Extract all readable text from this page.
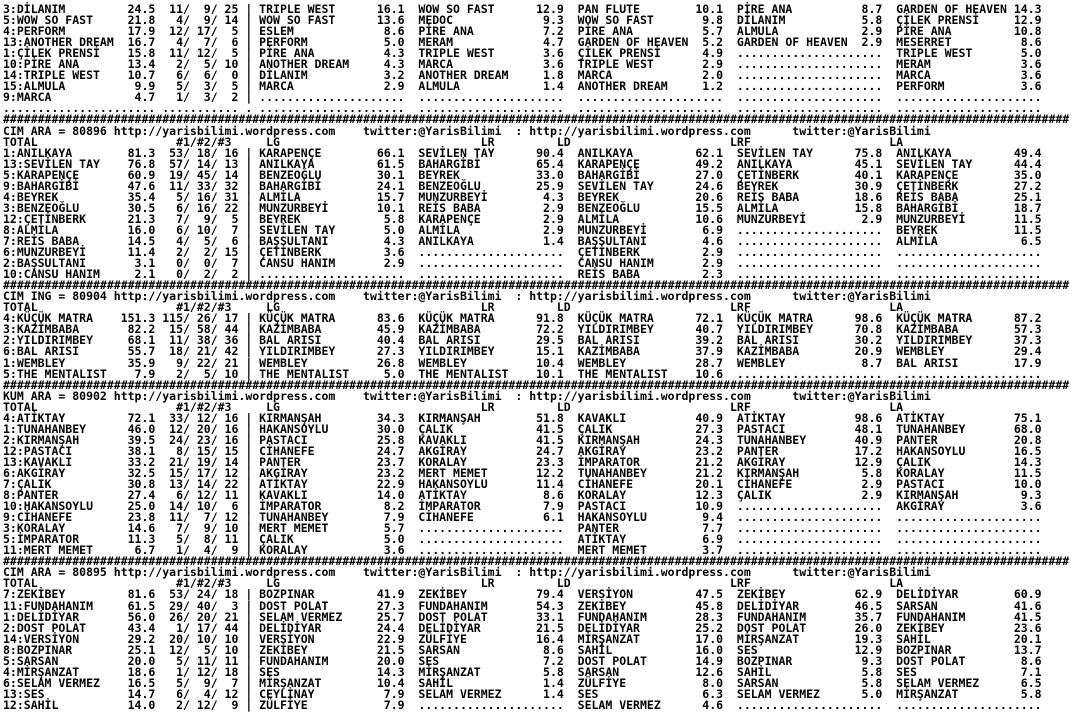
3:DİLANIM         24.5  11/  9/ 25 | TRIPLE WEST      16.1  WOW SO FAST      12.9  PAN FLUTE        10.1  PİRE ANA          8.7  GARDEN OF HEAVEN 14.3
5:WOW SO FAST     21.8   4/  9/ 14 | WOW SO FAST      13.6  MEDOC             9.3  WOW SO FAST       9.8  DİLANIM           5.8  ÇİLEK PRENSİ     12.9
4:PERFORM         17.9  12/ 17/  5 | ESLEM             8.6  PİRE ANA          7.2  PİRE ANA          5.7  ALMULA            2.9  PİRE ANA         10.8
13:ANOTHER DREAM  16.7   4/  7/  6 | PERFORM           5.0  MERAM             4.7  GARDEN OF HEAVEN  5.2  GARDEN OF HEAVEN  2.9  MESERRET          8.6
1:ÇİLEK PRENSİ    15.8  11/ 12/  5 | PİRE ANA          4.3  TRIPLE WEST       3.6  ÇİLEK PRENSİ      4.9  .....................  TRIPLE WEST       5.0
10:PİRE ANA       13.4   2/  5/ 10 | ANOTHER DREAM     4.3  MARCA             3.6  TRIPLE WEST       2.9  .....................  MERAM             3.6
14:TRIPLE WEST    10.7   6/  6/  0 | DİLANIM           3.2  ANOTHER DREAM     1.8  MARCA             2.0  .....................  MARCA             3.6
15:ALMULA          9.9   5/  3/  5 | MARCA             2.9  ALMULA            1.4  ANOTHER DREAM     1.2  .....................  PERFORM           3.6
9:MARCA            4.7   1/  3/  2 | .....................  .....................  .....................  .....................  .....................
...................... ........... . .....................  .....................  .....................  .....................  .....................
##########################################################################################################################################################
CIM ARA = 80896 http://yarisbilimi.wordpress.com    twitter:@YarisBilimi  : http://yarisbilimi.wordpress.com      twitter:@YarisBilimi
TOTAL                    #1/#2/#3     LG                             LR         LD                       LRF                    LA
1:ANILKAYA        81.3  53/ 18/ 16 | KARAPENÇE        66.1  SEVİLEN TAY      90.4  ANILKAYA         62.1  SEVİLEN TAY      75.8  ANILKAYA         49.4
13:SEVİLEN TAY    76.8  57/ 14/ 13 | ANILKAYA         61.5  BAHARGİBİ        65.4  KARAPENÇE        49.2  ANILKAYA         45.1  SEVİLEN TAY      44.4
5:KARAPENÇE       60.9  19/ 45/ 14 | BENZEOĞLU        30.1  BEYREK           33.0  BAHARGİBİ        27.0  ÇETİNBERK        40.1  KARAPENÇE        35.0
9:BAHARGİBİ       47.6  11/ 33/ 32 | BAHARGİBİ        24.1  BENZEOĞLU        25.9  SEVİLEN TAY      24.6  BEYREK           30.9  ÇETİNBERK        27.2
4:BEYREK          35.4   5/ 16/ 31 | ALMİLA           15.7  MUNZURBEYİ        4.3  BEYREK           20.6  REİS BABA        18.6  REİS BABA        25.1
3:BENZEOĞLU       30.5   6/ 16/ 22 | MUNZURBEYİ       10.1  REİS BABA         2.9  BENZEOĞLU        15.5  ALMİLA           15.8  BAHARGİBİ        18.7
12:ÇETİNBERK      21.3   7/  9/  5 | BEYREK            5.8  KARAPENÇE         2.9  ALMİLA           10.6  MUNZURBEYİ        2.9  MUNZURBEYİ       11.5
8:ALMİLA          16.0   6/ 10/  7 | SEVİLEN TAY       5.0  ALMİLA            2.9  MUNZURBEYİ        6.9  .....................  BEYREK           11.5
7:REİS BABA       14.5   4/  5/  6 | BAŞSULTANI        4.3  ANILKAYA          1.4  BAŞSULTANI        4.6  .....................  ALMİLA            6.5
6:MUNZURBEYİ      11.4   2/  2/ 15 | ÇETİNBERK         3.6  .....................  ÇETİNBERK         2.9  .....................  .....................
2:BAŞSULTANI       3.1   0/  0/  7 | CANSU HANIM       2.9  .....................  CANSU HANIM       2.9  .....................  .....................
10:CANSU HANIM     2.1   0/  2/  2 | .....................  .....................  REİS BABA         2.3  .....................  .....................
##########################################################################################################################################################
CIM ING = 80904 http://yarisbilimi.wordpress.com    twitter:@YarisBilimi  : http://yarisbilimi.wordpress.com      twitter:@YarisBilimi
TOTAL                    #1/#2/#3     LG                             LR         LD                       LRF                    LA
4:KÜÇÜK MATRA    151.3 115/ 26/ 17 | KÜÇÜK MATRA      83.6  KÜÇÜK MATRA      91.8  KÜÇÜK MATRA      72.1  KÜÇÜK MATRA      98.6  KÜÇÜK MATRA      87.2
3:KAZİMBABA       82.2  15/ 58/ 44 | KAZİMBABA        45.9  KAZİMBABA        72.2  YILDIRIMBEY      40.7  YILDIRIMBEY      70.8  KAZİMBABA        57.3
2:YILDIRIMBEY     68.1  11/ 38/ 36 | BAL ARISI        40.4  BAL ARISI        29.5  BAL ARISI        39.2  BAL ARISI        30.2  YILDIRIMBEY      37.3
6:BAL ARISI       55.7  18/ 21/ 42 | YILDIRIMBEY      27.3  YILDIRIMBEY      15.1  KAZİMBABA        37.9  KAZİMBABA        20.9  WEMBLEY          29.4
1:WEMBLEY         35.9   9/ 22/ 21 | WEMBLEY          26.8  WEMBLEY          10.4  WEMBLEY          28.7  WEMBLEY           8.7  BAL ARISI        17.9
5:THE MENTALIST    7.9   2/  5/ 10 | THE MENTALIST     5.0  THE MENTALIST    10.1  THE MENTALIST    10.6  .....................  .....................
##########################################################################################################################################################
KUM ARA = 80902 http://yarisbilimi.wordpress.com    twitter:@YarisBilimi  : http://yarisbilimi.wordpress.com      twitter:@YarisBilimi
TOTAL                    #1/#2/#3     LG                             LR         LD                       LRF                    LA
4:ATİKTAY         72.1  33/ 12/ 16 | KIRMANŞAH        34.3  KIRMANŞAH        51.8  KAVAKLI          40.9  ATİKTAY          98.6  ATİKTAY          75.1
1:TUNAHANBEY      46.0  12/ 20/ 16 | HAKANSOYLU       30.0  ÇALIK            41.5  ÇALIK            27.3  PASTACI          48.1  TUNAHANBEY       68.0
2:KIRMANŞAH       39.5  24/ 23/ 16 | PASTACI          25.8  KAVAKLI          41.5  KIRMANŞAH        24.3  TUNAHANBEY       40.9  PANTER           20.8
12:PASTACI        38.1   8/ 15/ 15 | CİHANEFE         24.7  AKGİRAY          24.7  AKGİRAY          23.2  PANTER           17.2  HAKANSOYLU       16.5
13:KAVAKLI        33.2  21/ 19/ 14 | PANTER           23.7  KORALAY          23.3  İMPARATOR        21.2  AKGİRAY          12.9  ÇALIK            14.3
6:AKGİRAY         32.5  15/ 17/ 12 | AKGİRAY          23.2  MERT MEMET       12.2  TUNAHANBEY       21.2  KIRMANŞAH         5.8  KORALAY          11.5
7:ÇALIK           30.8  13/ 14/ 22 | ATİKTAY          22.9  HAKANSOYLU       11.4  CİHANEFE         20.1  CİHANEFE          2.9  PASTACI          10.0
8:PANTER          27.4   6/ 12/ 11 | KAVAKLI          14.0  ATİKTAY           8.6  KORALAY          12.3  ÇALIK             2.9  KIRMANŞAH         9.3
10:HAKANSOYLU     25.0  14/ 10/  6 | İMPARATOR         8.2  İMPARATOR         7.9  PASTACI          10.9  .....................  AKGİRAY           3.6
9:CİHANEFE        23.8  11/  7/ 12 | TUNAHANBEY        7.9  CİHANEFE          6.1  HAKANSOYLU        9.4  .....................  .....................
3:KORALAY         14.6   7/  9/ 10 | MERT MEMET        5.7  .....................  PANTER            7.7  .....................  .....................
5:İMPARATOR       11.3   5/  8/ 11 | ÇALIK             5.0  .....................  ATİKTAY           6.9  .....................  .....................
11:MERT MEMET      6.7   1/  4/  9 | KORALAY           3.6  .....................  MERT MEMET        3.7  .....................  .....................
##########################################################################################################################################################
CIM ARA = 80895 http://yarisbilimi.wordpress.com    twitter:@YarisBilimi  : http://yarisbilimi.wordpress.com      twitter:@YarisBilimi
TOTAL                    #1/#2/#3     LG                             LR         LD                       LRF                    LA
7:ZEKİBEY         81.6  53/ 24/ 18 | BOZPINAR         41.9  ZEKİBEY          79.4  VERSİYON         47.5  ZEKİBEY          62.9  DELİDİYAR        60.9
11:FUNDAHANIM     61.5  29/ 40/  3 | DOST POLAT       27.3  FUNDAHANIM       54.3  ZEKİBEY          45.8  DELİDİYAR        46.5  SARSAN           41.6
1:DELİDİYAR       56.0  26/ 20/ 21 | SELAM VERMEZ     25.7  DOST POLAT       33.1  FUNDAHANIM       28.3  FUNDAHANIM       35.7  FUNDAHANIM       41.5
2:DOST POLAT      43.4   1/ 17/ 44 | DELİDİYAR        24.4  DELİDİYAR        21.5  DELİDİYAR        25.2  DOST POLAT       26.0  ZEKİBEY          23.6
14:VERSİYON       29.2  20/ 10/ 10 | VERSİYON         22.9  ZÜLFİYE          16.4  MİRŞANZAT        17.0  MİRŞANZAT        19.3  SAHİL            20.1
8:BOZPINAR        25.1  12/  5/ 10 | ZEKİBEY          21.5  SARSAN            8.6  SAHİL            16.0  SES              12.9  BOZPINAR         13.7
5:SARSAN          20.0   5/ 11/ 11 | FUNDAHANIM       20.0  SES               7.2  DOST POLAT       14.9  BOZPINAR          9.3  DOST POLAT        8.6
4:MİRŞANZAT       18.6   1/ 12/ 18 | SES              14.3  MİRŞANZAT         5.8  SARSAN           12.6  SAHİL             5.8  SES               7.1
6:SELAM VERMEZ    16.5   5/  9/  7 | MİRŞANZAT        10.4  SAHİL             1.4  ZÜLFİYE           8.0  SARSAN            5.8  SELAM VERMEZ      6.5
13:SES            14.7   6/  4/ 12 | CEYLİNAY          7.9  SELAM VERMEZ      1.4  SES               6.3  SELAM VERMEZ      5.0  MİRŞANZAT         5.8
12:SAHİL          14.0   2/ 12/  9 | ZÜLFİYE           7.9  .....................  SELAM VERMEZ      4.6  .....................  .....................
